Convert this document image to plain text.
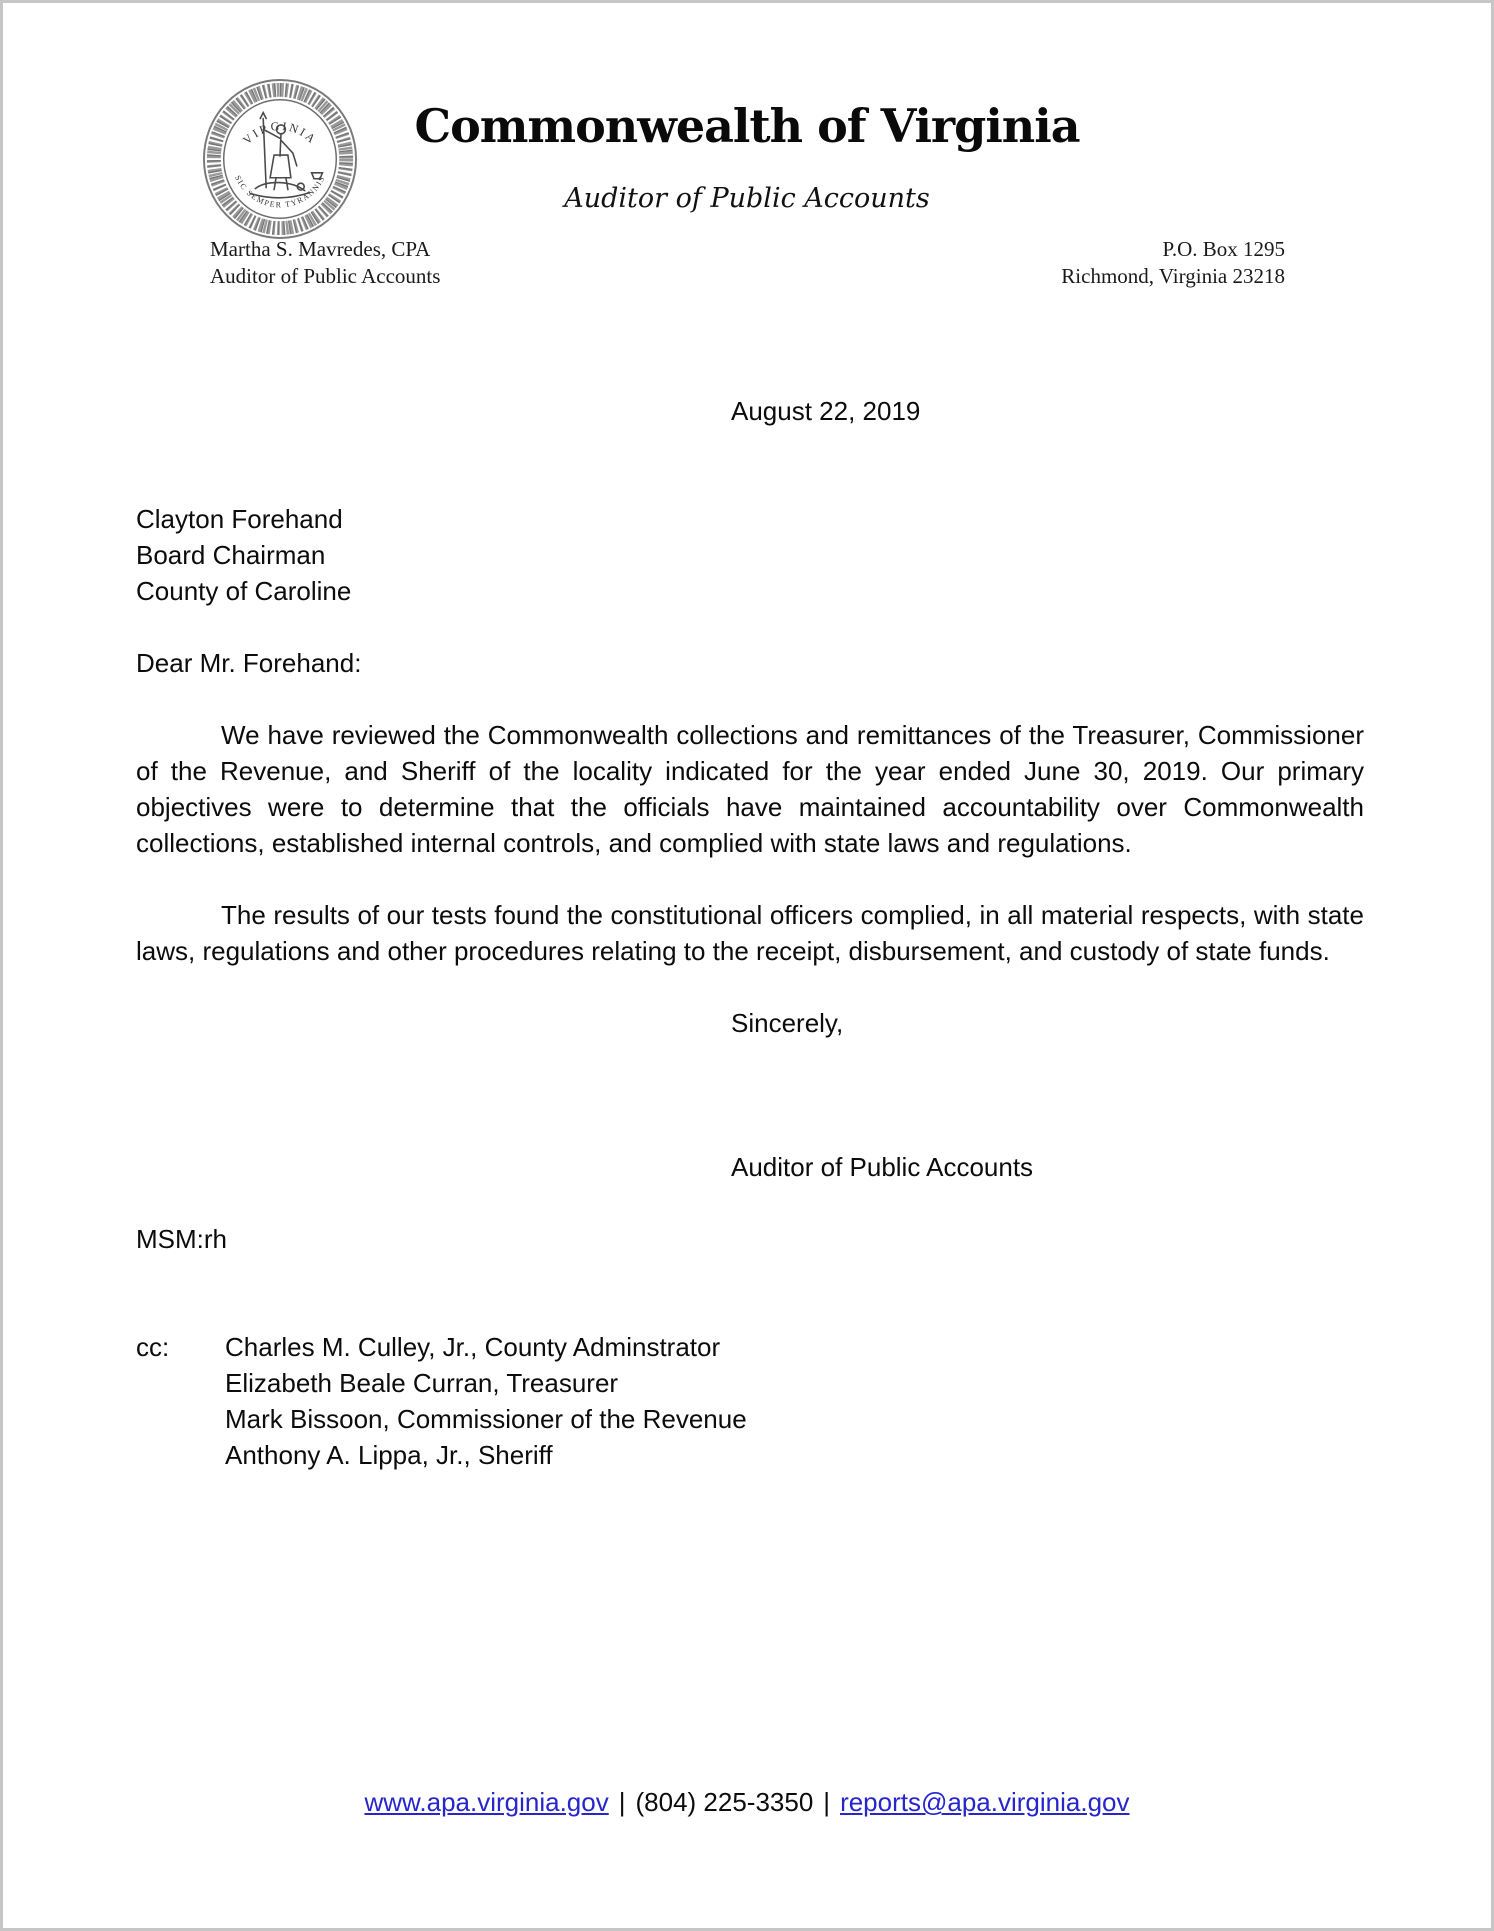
VIRGINIA
SIC SEMPER TYRANNIS
Commonwealth of Virginia
Auditor of Public Accounts
Martha S. Mavredes, CPA
Auditor of Public Accounts
P.O. Box 1295
Richmond, Virginia 23218
August 22, 2019
Clayton Forehand
Board Chairman
County of Caroline
Dear Mr. Forehand:

We have reviewed the Commonwealth collections and remittances of the Treasurer, Commissioner of the Revenue, and Sheriff of the locality indicated for the year ended June 30, 2019. Our primary objectives were to determine that the officials have maintained accountability over Commonwealth collections, established internal controls, and complied with state laws and regulations.

The results of our tests found the constitutional officers complied, in all material respects, with state laws, regulations and other procedures relating to the receipt, disbursement, and custody of state funds.

Sincerely,
Auditor of Public Accounts
MSM:rh
cc:	Charles M. Culley, Jr., County Adminstrator
Elizabeth Beale Curran, Treasurer
Mark Bissoon, Commissioner of the Revenue
Anthony A. Lippa, Jr., Sheriff
www.apa.virginia.gov | (804) 225-3350 | reports@apa.virginia.gov
